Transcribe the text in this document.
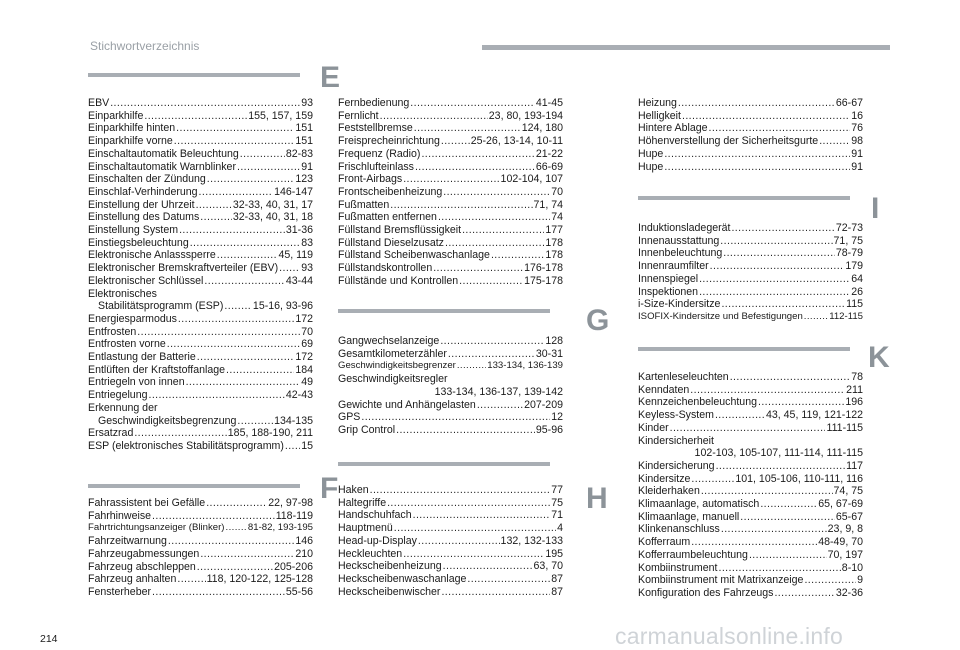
Stichwortverzeichnis
E
EBV .....	93
Einparkhilfe .....	155, 157, 159
Einparkhilfe hinten .....	151
Einparkhilfe vorne .....	151
Einschaltautomatik Beleuchtung .....	82-83
Einschaltautomatik Warnblinker .....	91
Einschalten der Zündung .....	123
Einschlaf-Verhinderung .....	146-147
Einstellung der Uhrzeit .....	32-33, 40, 31, 17
Einstellung des Datums .....	32-33, 40, 31, 18
Einstellung System .....	31-36
Einstiegsbeleuchtung .....	83
Elektronische Anlasssperre .....	45, 119
Elektronischer Bremskraftverteiler (EBV) ..... 93
Elektronischer Schlüssel .....	43-44
Elektronisches
Stabilitätsprogramm (ESP) .....	15-16, 93-96
Energiesparmodus .....	172
Entfrosten .....	70
Entfrosten vorne .....	69
Entlastung der Batterie .....	172
Entlüften der Kraftstoffanlage .....	184
Entriegeln von innen .....	49
Entriegelung .....	42-43
Erkennung der
Geschwindigkeitsbegrenzung .....	134-135
Ersatzrad .....	185, 188-190, 211
ESP (elektronisches Stabilitätsprogramm) ..... 15
F
Fahrassistent bei Gefälle .....	22, 97-98
Fahrhinweise .....	118-119
Fahrtrichtungsanzeiger (Blinker) ..... 81-82, 193-195
Fahrzeitwarnung .....	146
Fahrzeugabmessungen .....	210
Fahrzeug abschleppen .....	205-206
Fahrzeug anhalten .....	118, 120-122, 125-128
Fensterheber .....	55-56
Fernbedienung .....	41-45
Fernlicht .....	23, 80, 193-194
Feststellbremse .....	124, 180
Freisprecheinrichtung .....	25-26, 13-14, 10-11
Frequenz (Radio) .....	21-22
Frischlufteinlass .....	66-69
Front-Airbags .....	102-104, 107
Frontscheibenheizung .....	70
Fußmatten .....	71, 74
Fußmatten entfernen .....	74
Füllstand Bremsflüssigkeit .....	177
Füllstand Dieselzusatz .....	178
Füllstand Scheibenwaschanlage .....	178
Füllstandskontrollen .....	176-178
Füllstände und Kontrollen .....	175-178
G
Gangwechselanzeige .....	128
Gesamtkilometerzähler .....	30-31
Geschwindigkeitsbegrenzer .....	133-134, 136-139
Geschwindigkeitsregler
133-134, 136-137, 139-142
Gewichte und Anhängelasten .....	207-209
GPS .....	12
Grip Control .....	95-96
H
Haken .....	77
Haltegriffe .....	75
Handschuhfach .....	71
Hauptmenü .....	4
Head-up-Display .....	132, 132-133
Heckleuchten .....	195
Heckscheibenheizung .....	63, 70
Heckscheibenwaschanlage .....	87
Heckscheibenwischer .....	87
Heizung .....	66-67
Helligkeit .....	16
Hintere Ablage .....	76
Höhenverstellung der Sicherheitsgurte .....	98
Hupe .....	91
Hupe .....	91
I
Induktionsladegerät .....	72-73
Innenausstattung .....	71, 75
Innenbeleuchtung .....	78-79
Innenraumfilter .....	179
Innenspiegel .....	64
Inspektionen .....	26
i-Size-Kindersitze .....	115
ISOFIX-Kindersitze und Befestigungen .....	112-115
K
Kartenleseleuchten .....	78
Kenndaten .....	211
Kennzeichenbeleuchtung .....	196
Keyless-System .....	43, 45, 119, 121-122
Kinder .....	111-115
Kindersicherheit
102-103, 105-107, 111-114, 111-115
Kindersicherung .....	117
Kindersitze .....	101, 105-106, 110-111, 116
Kleiderhaken .....	74, 75
Klimaanlage, automatisch .....	65, 67-69
Klimaanlage, manuell .....	65-67
Klinkenanschluss .....	23, 9, 8
Kofferraum .....	48-49, 70
Kofferraumbeleuchtung .....	70, 197
Kombiinstrument .....	8-10
Kombiinstrument mit Matrixanzeige .....	9
Konfiguration des Fahrzeugs .....	32-36
214	carmanualsonline.info
